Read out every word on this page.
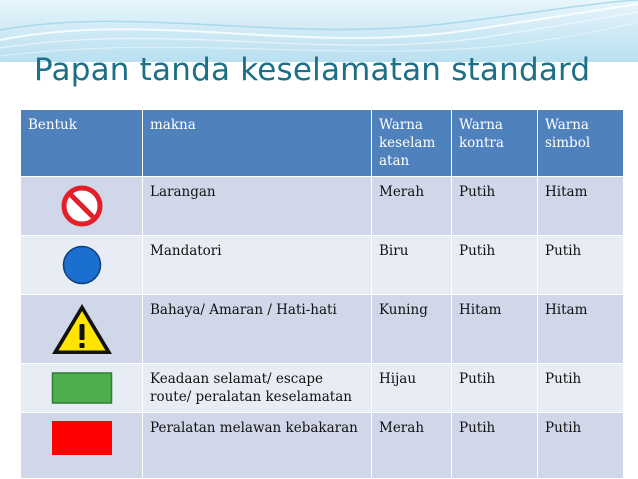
Papan tanda keselamatan standard
Bentuk	makna	Warna keselam atan	Warna kontra	Warna simbol
	Larangan	Merah	Putih	Hitam
	Mandatori	Biru	Putih	Putih
	Bahaya/ Amaran / Hati-hati	Kuning	Hitam	Hitam
	Keadaan selamat/ escape route/ peralatan keselamatan	Hijau	Putih	Putih
	Peralatan melawan kebakaran	Merah	Putih	Putih
